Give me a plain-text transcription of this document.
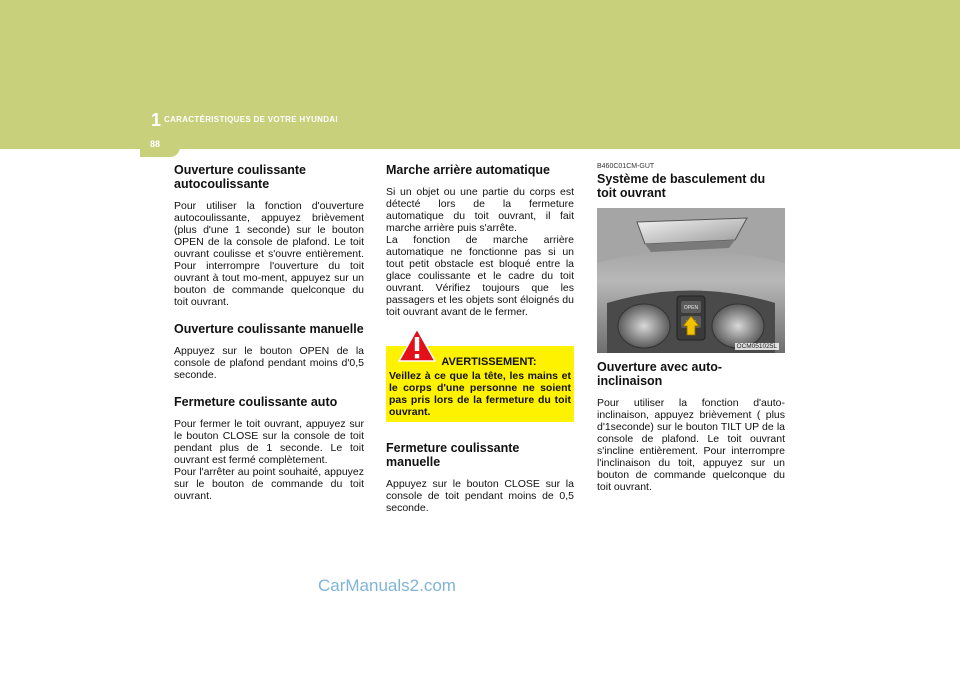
1 CARACTÉRISTIQUES DE VOTRE HYUNDAI
88
Ouverture coulissante autocoulissante

Pour utiliser la fonction d'ouverture autocoulissante, appuyez brièvement (plus d'une 1 seconde) sur le bouton OPEN de la console de plafond. Le toit ouvrant coulisse et s'ouvre entièrement. Pour interrompre l'ouverture du toit ouvrant à tout mo-ment, appuyez sur un bouton de commande quelconque du toit ouvrant.

Ouverture coulissante manuelle

Appuyez sur le bouton OPEN de la console de plafond pendant moins d'0,5 seconde.

Fermeture coulissante auto

Pour fermer le toit ouvrant, appuyez sur le bouton CLOSE sur la console de toit pendant plus de 1 seconde. Le toit ouvrant est fermé complètement.

Pour l'arrêter au point souhaité, appuyez sur le bouton de commande du toit ouvrant.

Marche arrière automatique

Si un objet ou une partie du corps est détecté lors de la fermeture automatique du toit ouvrant, il fait marche arrière puis s'arrête.

La fonction de marche arrière automatique ne fonctionne pas si un tout petit obstacle est bloqué entre la glace coulissante et le cadre du toit ouvrant. Vérifiez toujours que les passagers et les objets sont éloignés du toit ouvrant avant de le fermer.

AVERTISSEMENT:
Veillez à ce que la tête, les mains et le corps d'une personne ne soient pas pris lors de la fermeture du toit ouvrant.
Fermeture coulissante manuelle

Appuyez sur le bouton CLOSE sur la console de toit pendant moins de 0,5 seconde.

B460C01CM-GUT
Système de basculement du toit ouvrant
OPEN
OCM051025L
Ouverture avec auto-inclinaison

Pour utiliser la fonction d'auto-inclinaison, appuyez brièvement ( plus d'1seconde) sur le bouton TILT UP de la console de plafond. Le toit ouvrant s'incline entièrement. Pour interrompre l'inclinaison du toit, appuyez sur un bouton de commande quelconque du toit ouvrant.

CarManuals2.com
